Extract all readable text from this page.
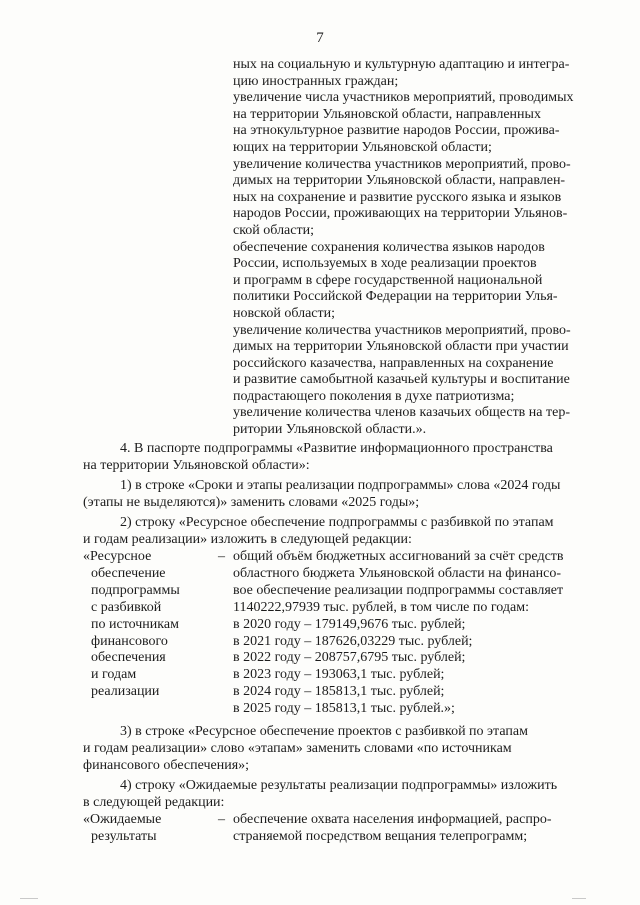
7
ных на социальную и культурную адаптацию и интегра-
цию иностранных граждан;
увеличение числа участников мероприятий, проводимых
на территории Ульяновской области, направленных
на этнокультурное развитие народов России, прожива-
ющих на территории Ульяновской области;
увеличение количества участников мероприятий, прово-
димых на территории Ульяновской области, направлен-
ных на сохранение и развитие русского языка и языков
народов России, проживающих на территории Ульянов-
ской области;
обеспечение сохранения количества языков народов
России, используемых в ходе реализации проектов
и программ в сфере государственной национальной
политики Российской Федерации на территории Улья-
новской области;
увеличение количества участников мероприятий, прово-
димых на территории Ульяновской области при участии
российского казачества, направленных на сохранение
и развитие самобытной казачьей культуры и воспитание
подрастающего поколения в духе патриотизма;
увеличение количества членов казачьих обществ на тер-
ритории Ульяновской области.».
4. В паспорте подпрограммы «Развитие информационного пространства
на территории Ульяновской области»:
1) в строке «Сроки и этапы реализации подпрограммы» слова «2024 годы
(этапы не выделяются)» заменить словами «2025 годы»;
2) строку «Ресурсное обеспечение подпрограммы с разбивкой по этапам
и годам реализации» изложить в следующей редакции:
«Ресурсное
обеспечение
подпрограммы
с разбивкой
по источникам
финансового
обеспечения
и годам
реализации
– общий объём бюджетных ассигнований за счёт средств
областного бюджета Ульяновской области на финансо-
вое обеспечение реализации подпрограммы составляет
1140222,97939 тыс. рублей, в том числе по годам:
в 2020 году – 179149,9676 тыс. рублей;
в 2021 году – 187626,03229 тыс. рублей;
в 2022 году – 208757,6795 тыс. рублей;
в 2023 году – 193063,1 тыс. рублей;
в 2024 году – 185813,1 тыс. рублей;
в 2025 году – 185813,1 тыс. рублей.»;
3) в строке «Ресурсное обеспечение проектов с разбивкой по этапам
и годам реализации» слово «этапам» заменить словами «по источникам
финансового обеспечения»;
4) строку «Ожидаемые результаты реализации подпрограммы» изложить
в следующей редакции:
«Ожидаемые
результаты
– обеспечение охвата населения информацией, распро-
страняемой посредством вещания телепрограмм;
